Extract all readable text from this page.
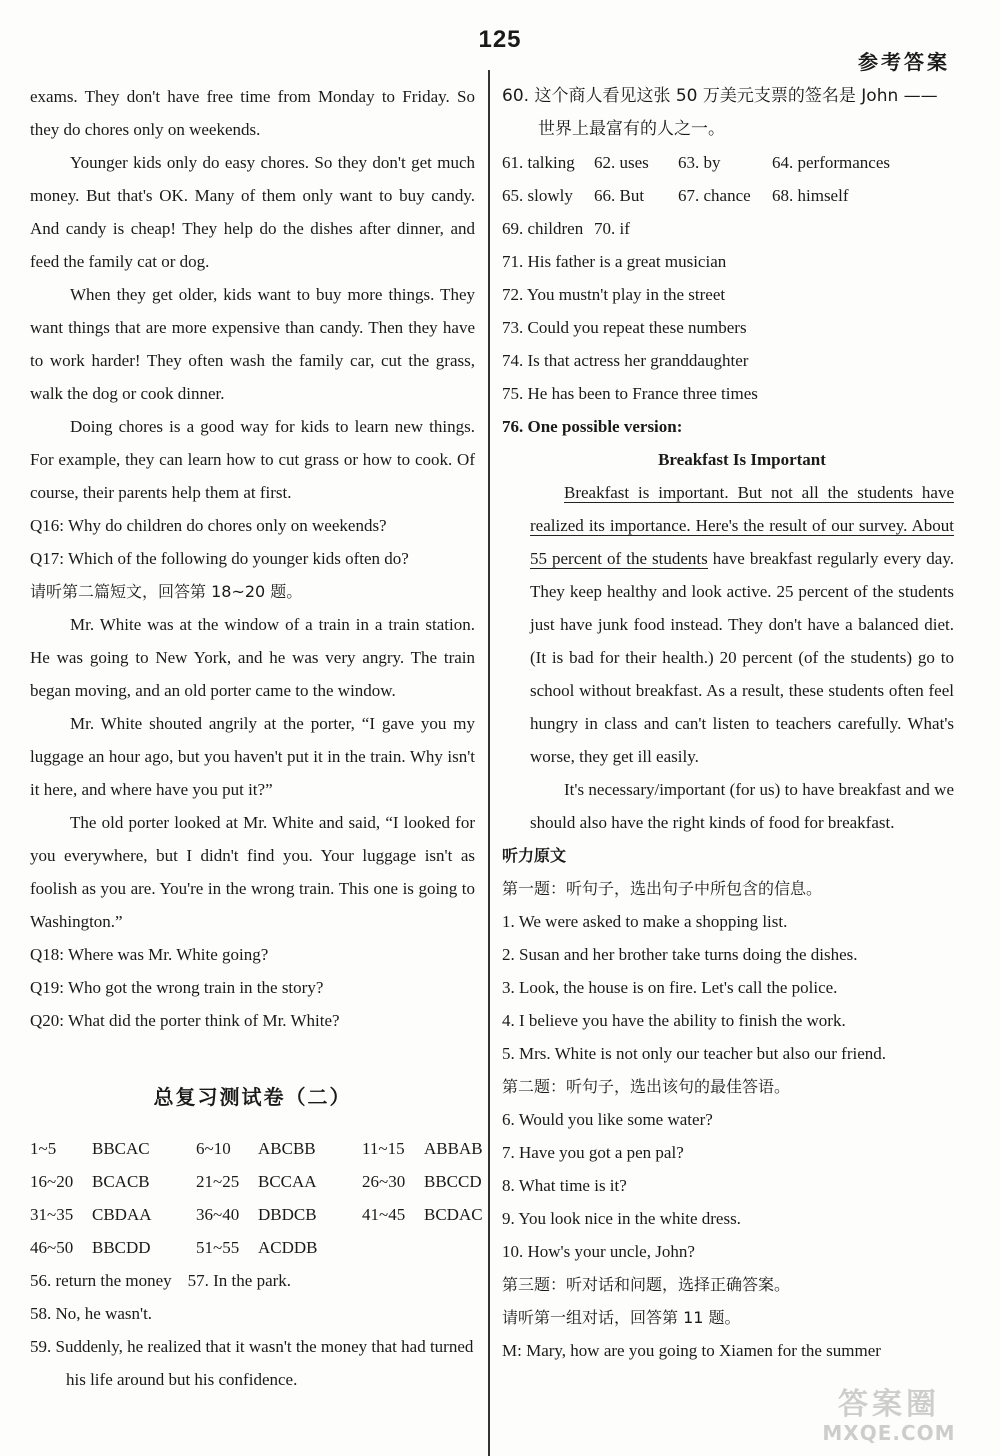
125
参考答案

exams. They don't have free time from Monday to Friday. So they do chores only on weekends.

Younger kids only do easy chores. So they don't get much money. But that's OK. Many of them only want to buy candy. And candy is cheap! They help do the dishes after dinner, and feed the family cat or dog.

When they get older, kids want to buy more things. They want things that are more expensive than candy. Then they have to work harder! They often wash the family car, cut the grass, walk the dog or cook dinner.

Doing chores is a good way for kids to learn new things. For example, they can learn how to cut grass or how to cook. Of course, their parents help them at first.

Q16: Why do children do chores only on weekends?

Q17: Which of the following do younger kids often do?

请听第二篇短文，回答第 18~20 题。

Mr. White was at the window of a train in a train station. He was going to New York, and he was very angry. The train began moving, and an old porter came to the window.

Mr. White shouted angrily at the porter, “I gave you my luggage an hour ago, but you haven't put it in the train. Why isn't it here, and where have you put it?”

The old porter looked at Mr. White and said, “I looked for you everywhere, but I didn't find you. Your luggage isn't as foolish as you are. You're in the wrong train. This one is going to Washington.”

Q18: Where was Mr. White going?

Q19: Who got the wrong train in the story?

Q20: What did the porter think of Mr. White?

总复习测试卷（二）
1~5 BBCAC	6~10 ABCBB	11~15 ABBAB
16~20 BCACB	21~25 BCCAA	26~30 BBCCD
31~35 CBDAA	36~40 DBDCB	41~45 BCDAC
46~50 BBCDD	51~55 ACDDB

56. return the money 57. In the park.

58. No, he wasn't.

59. Suddenly, he realized that it wasn't the money that had turned his life around but his confidence.

60. 这个商人看见这张 50 万美元支票的签名是 John ——世界上最富有的人之一。

61. talking 62. uses 63. by	64. performances
65. slowly 66. But 67. chance 68. himself
69. children 70. if

71. His father is a great musician

72. You mustn't play in the street

73. Could you repeat these numbers

74. Is that actress her granddaughter

75. He has been to France three times

76. One possible version:

Breakfast Is Important

Breakfast is important. But not all the students have realized its importance. Here's the result of our survey. About 55 percent of the students have breakfast regularly every day. They keep healthy and look active. 25 percent of the students just have junk food instead. They don't have a balanced diet. (It is bad for their health.) 20 percent (of the students) go to school without breakfast. As a result, these students often feel hungry in class and can't listen to teachers carefully. What's worse, they get ill easily.

It's necessary/important (for us) to have breakfast and we should also have the right kinds of food for breakfast.

听力原文

第一题：听句子，选出句子中所包含的信息。

1. We were asked to make a shopping list.

2. Susan and her brother take turns doing the dishes.

3. Look, the house is on fire. Let's call the police.

4. I believe you have the ability to finish the work.

5. Mrs. White is not only our teacher but also our friend.

第二题：听句子，选出该句的最佳答语。

6. Would you like some water?

7. Have you got a pen pal?

8. What time is it?

9. You look nice in the white dress.

10. How's your uncle, John?

第三题：听对话和问题，选择正确答案。

请听第一组对话，回答第 11 题。

M: Mary, how are you going to Xiamen for the summer

答案圈
MXQE.COM
